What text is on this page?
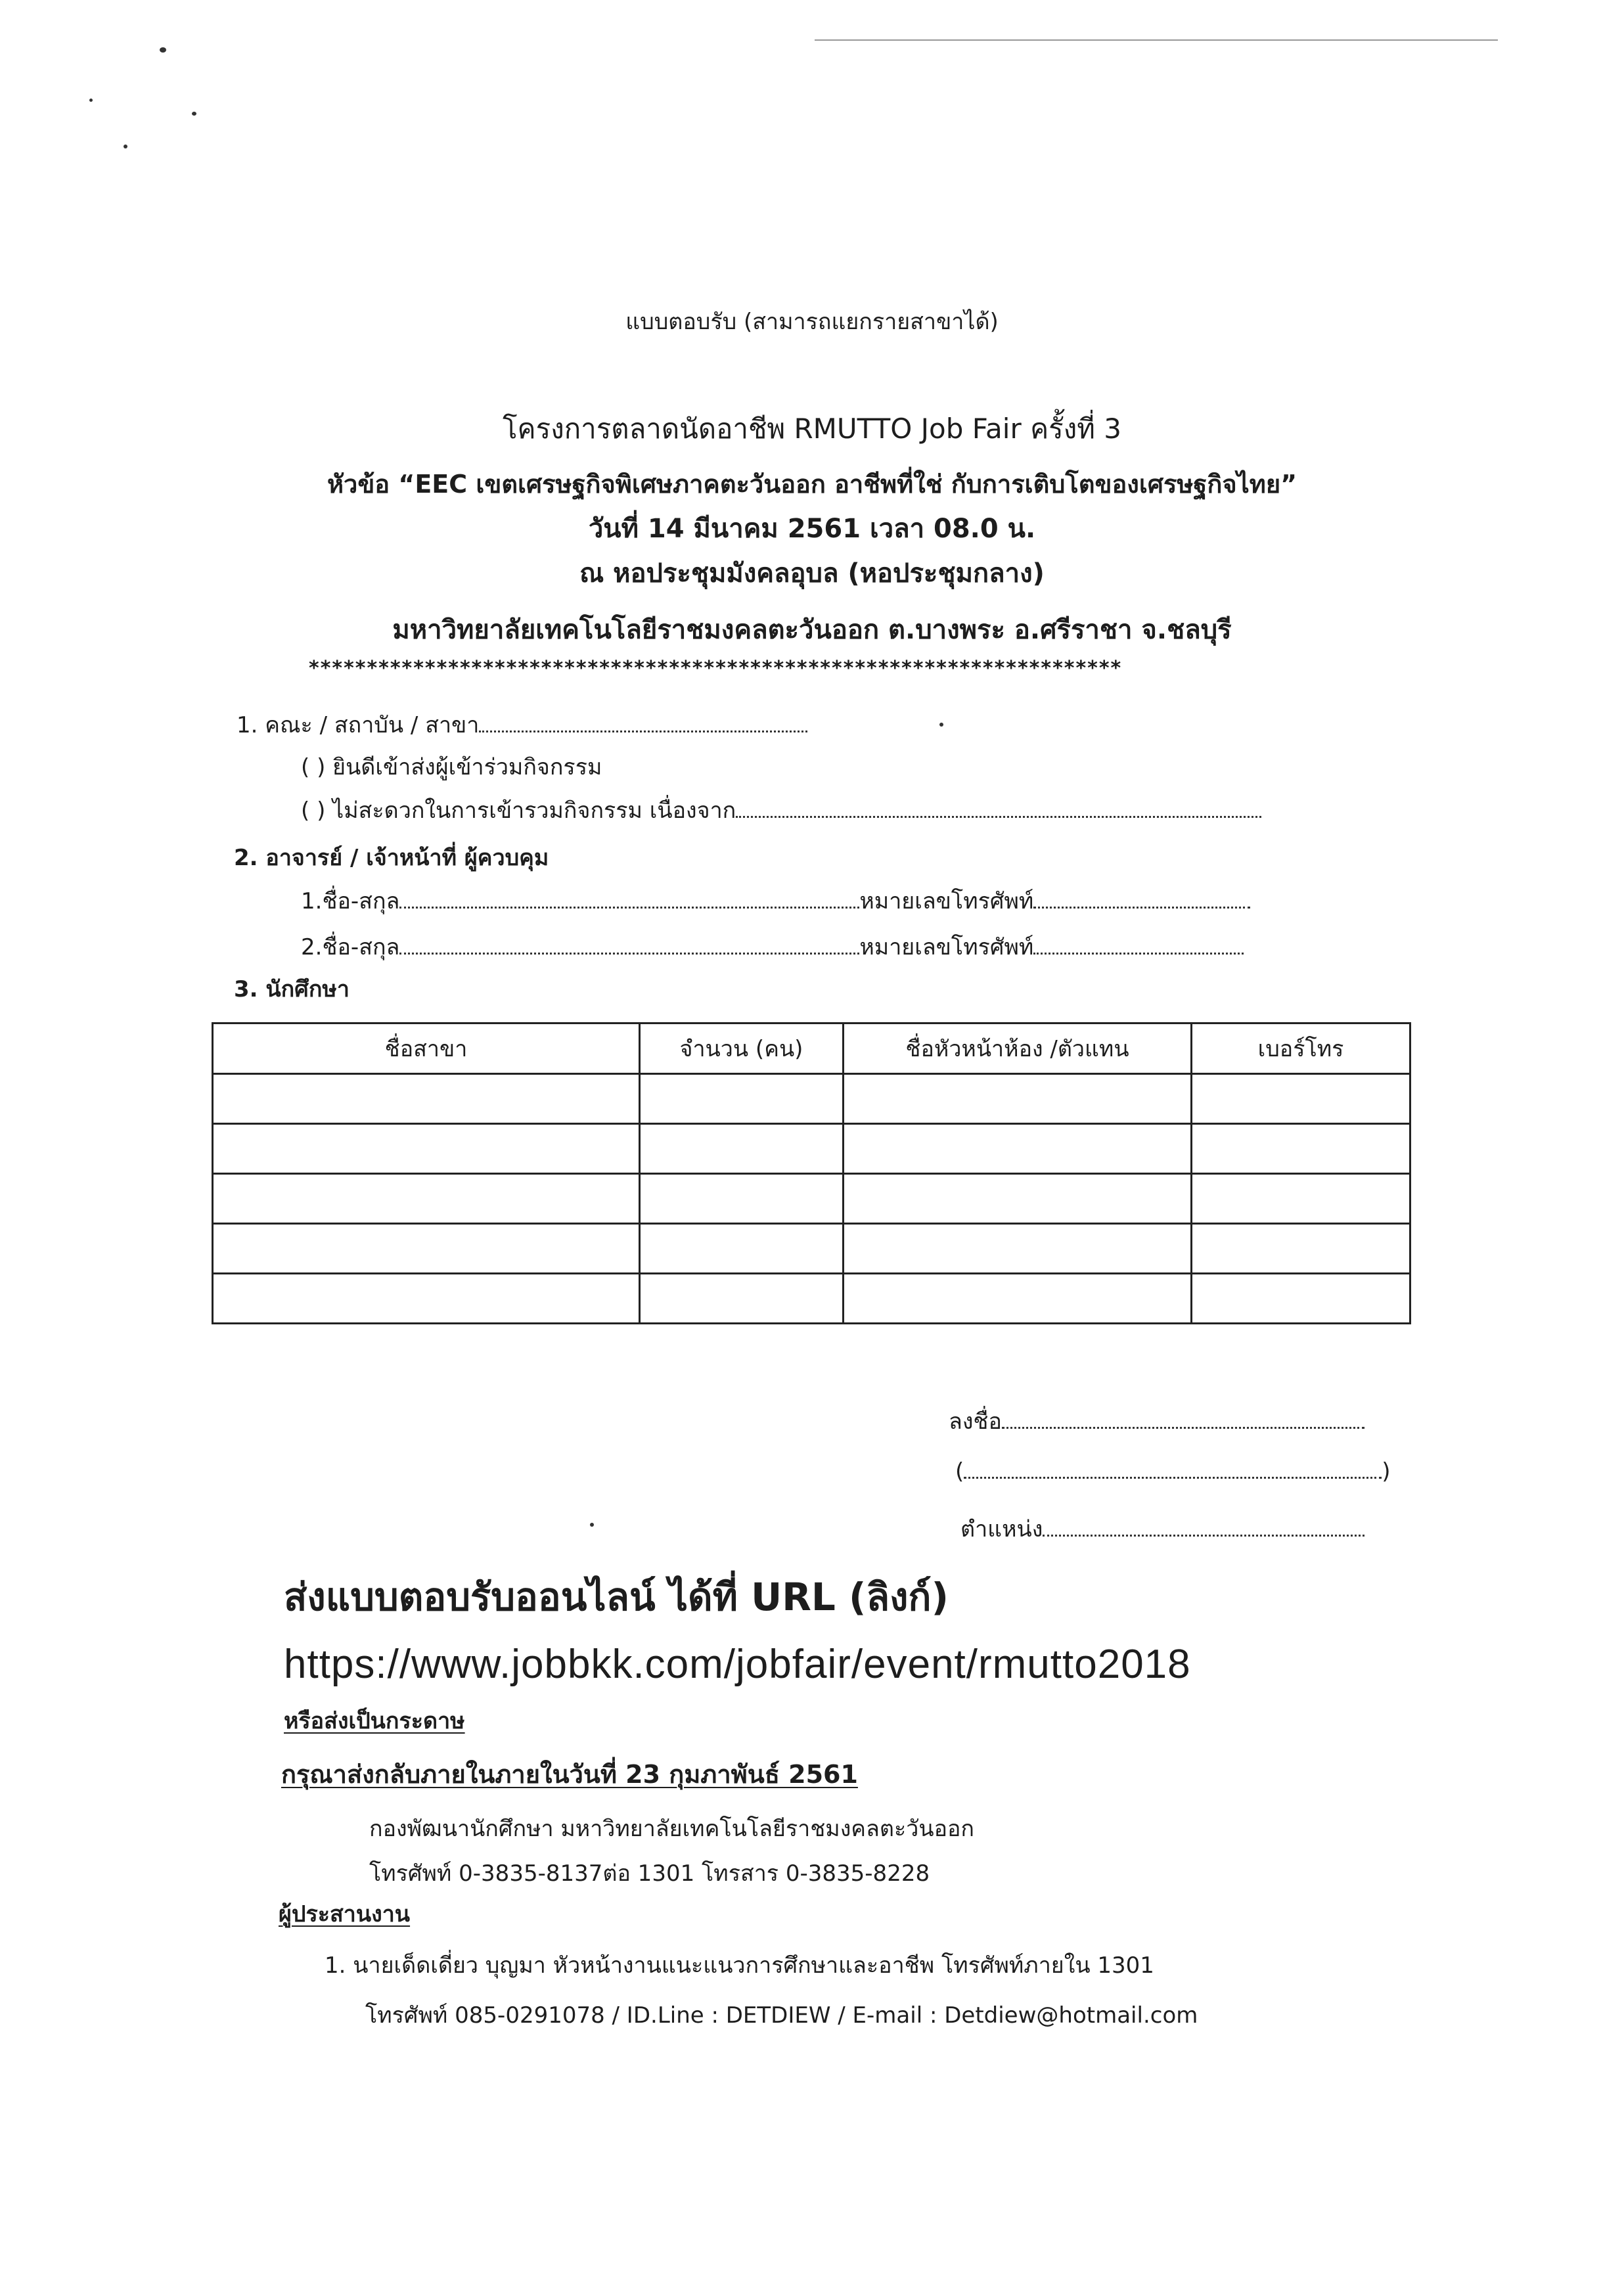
แบบตอบรับ (สามารถแยกรายสาขาได้)
โครงการตลาดนัดอาชีพ RMUTTO Job Fair ครั้งที่ 3
หัวข้อ “EEC เขตเศรษฐกิจพิเศษภาคตะวันออก อาชีพที่ใช่ กับการเติบโตของเศรษฐกิจไทย”
วันที่ 14 มีนาคม 2561 เวลา 08.0 น.
ณ หอประชุมมังคลอุบล (หอประชุมกลาง)
มหาวิทยาลัยเทคโนโลยีราชมงคลตะวันออก ต.บางพระ อ.ศรีราชา จ.ชลบุรี
**********************************************************************
1. คณะ / สถาบัน / สาขา
( ) ยินดีเข้าส่งผู้เข้าร่วมกิจกรรม
( ) ไม่สะดวกในการเข้ารวมกิจกรรม เนื่องจาก
2. อาจารย์ / เจ้าหน้าที่ ผู้ควบคุม
1.ชื่อ-สกุล	หมายเลขโทรศัพท์
2.ชื่อ-สกุล	หมายเลขโทรศัพท์
3. นักศึกษา
ชื่อสาขา	จำนวน (คน)	ชื่อหัวหน้าห้อง /ตัวแทน	เบอร์โทร

ลงชื่อ
(	)
ตำแหน่ง
ส่งแบบตอบรับออนไลน์ ได้ที่ URL (ลิงก์)
https://www.jobbkk.com/jobfair/event/rmutto2018
หรือส่งเป็นกระดาษ
กรุณาส่งกลับภายในภายในวันที่ 23 กุมภาพันธ์ 2561
กองพัฒนานักศึกษา มหาวิทยาลัยเทคโนโลยีราชมงคลตะวันออก
โทรศัพท์ 0-3835-8137ต่อ 1301 โทรสาร 0-3835-8228
ผู้ประสานงาน
1. นายเด็ดเดี่ยว บุญมา หัวหน้างานแนะแนวการศึกษาและอาชีพ โทรศัพท์ภายใน 1301
โทรศัพท์ 085-0291078 / ID.Line : DETDIEW / E-mail : Detdiew@hotmail.com
